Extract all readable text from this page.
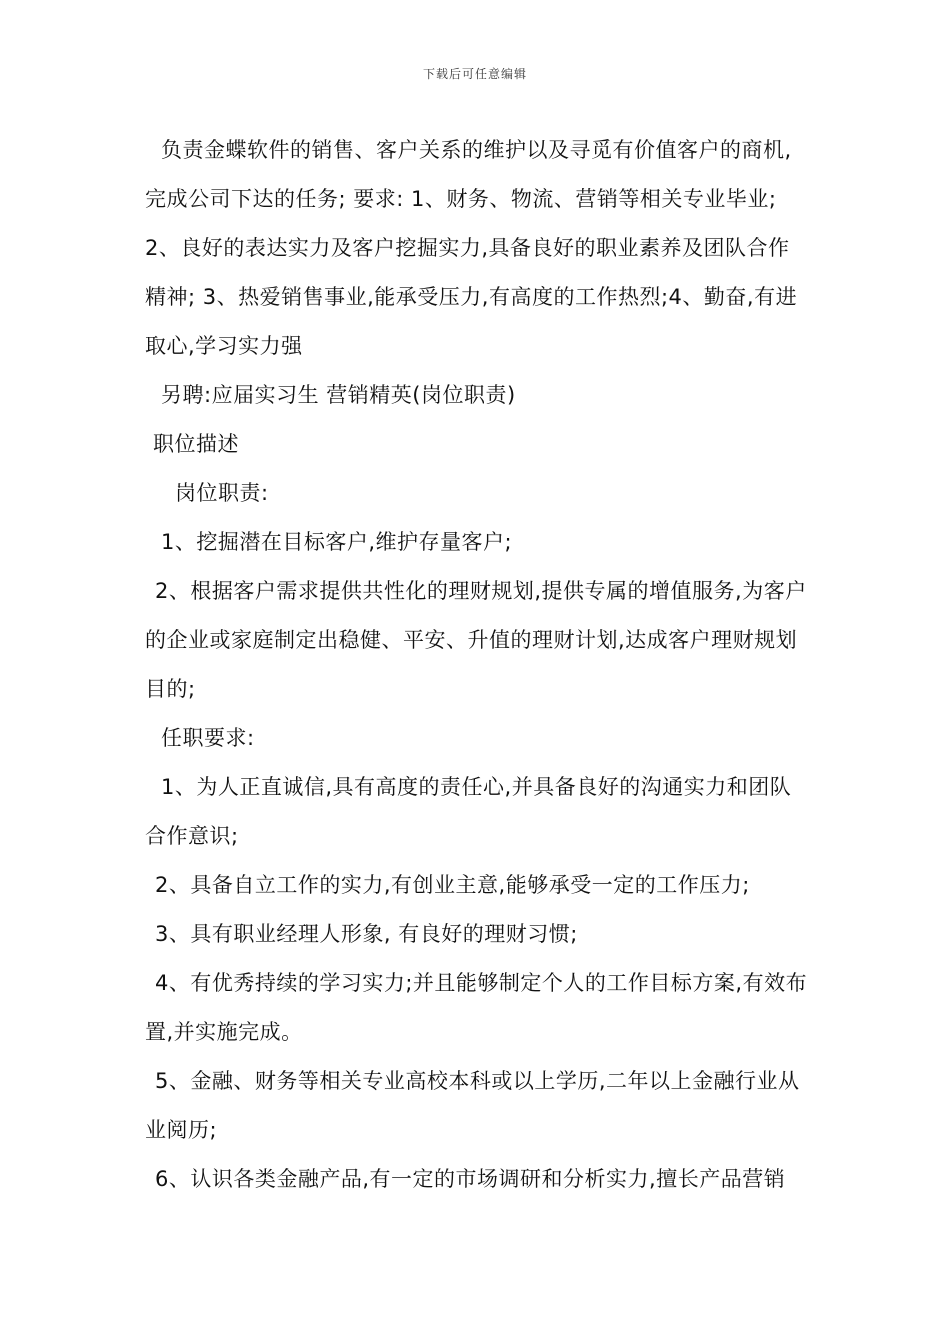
下载后可任意编辑

负责金蝶软件的销售、客户关系的维护以及寻觅有价值客户的商机,完成公司下达的任务; 要求: 1、财务、物流、营销等相关专业毕业; 2、良好的表达实力及客户挖掘实力,具备良好的职业素养及团队合作精神; 3、热爱销售事业,能承受压力,有高度的工作热烈;4、勤奋,有进取心,学习实力强

另聘:应届实习生 营销精英(岗位职责)

职位描述

岗位职责:

1、挖掘潜在目标客户,维护存量客户;

2、根据客户需求提供共性化的理财规划,提供专属的增值服务,为客户的企业或家庭制定出稳健、平安、升值的理财计划,达成客户理财规划目的;

任职要求:

1、为人正直诚信,具有高度的责任心,并具备良好的沟通实力和团队合作意识;

2、具备自立工作的实力,有创业主意,能够承受一定的工作压力;

3、具有职业经理人形象, 有良好的理财习惯;

4、有优秀持续的学习实力;并且能够制定个人的工作目标方案,有效布置,并实施完成。

5、金融、财务等相关专业高校本科或以上学历,二年以上金融行业从业阅历;

6、认识各类金融产品,有一定的市场调研和分析实力,擅长产品营销
